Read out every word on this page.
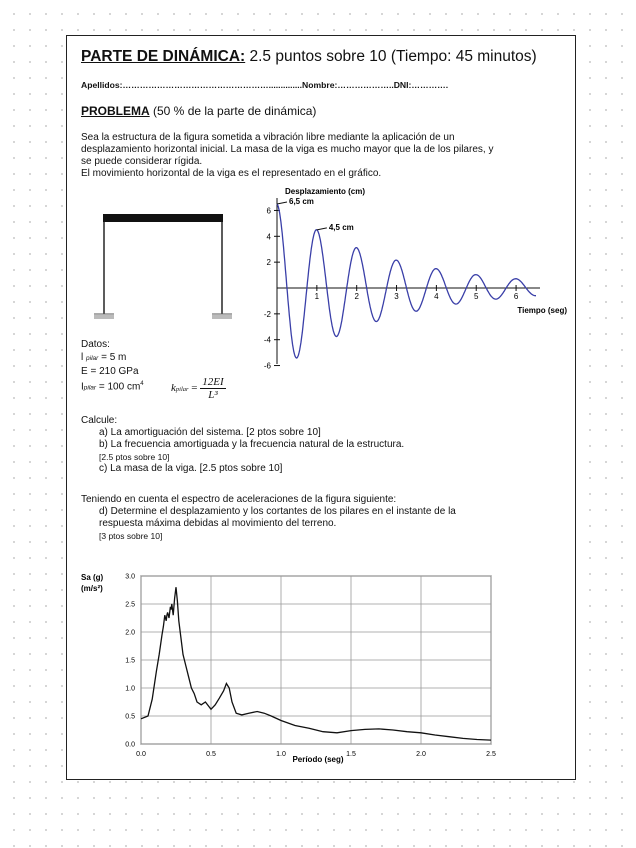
PARTE DE DINÁMICA: 2.5 puntos sobre 10 (Tiempo: 45 minutos)
Apellidos:……………………………………………..............Nombre:………………..DNI:………….
PROBLEMA (50 % de la parte de dinámica)
Sea la estructura de la figura sometida a vibración libre mediante la aplicación de un
desplazamiento horizontal inicial. La masa de la viga es mucho mayor que la de los pilares, y
se puede considerar rígida.
El movimiento horizontal de la viga es el representado en el gráfico.
Desplazamiento (cm)
Tiempo (seg)
1	2	3	4	5	6
6
4
2
-2
-4
-6
6,5 cm
4,5 cm
Datos:
l pilar = 5 m
E = 210 GPa
Ipilar = 100 $cm^4$ kpilar = $\frac{12EI}{\text{L³}}$
Calcule:
a) La amortiguación del sistema. [2 ptos sobre 10]
b) La frecuencia amortiguada y la frecuencia natural de la estructura.
[2.5 ptos sobre 10]
c) La masa de la viga. [2.5 ptos sobre 10]
Teniendo en cuenta el espectro de aceleraciones de la figura siguiente:
d) Determine el desplazamiento y los cortantes de los pilares en el instante de la
respuesta máxima debidas al movimiento del terreno.
[3 ptos sobre 10]
Sa (g)
(m/s²)
Período (seg)
0.0	0.5	1.0	1.5	2.0	2.5
0.0
0.5
1.0
1.5
2.0
2.5
3.0
